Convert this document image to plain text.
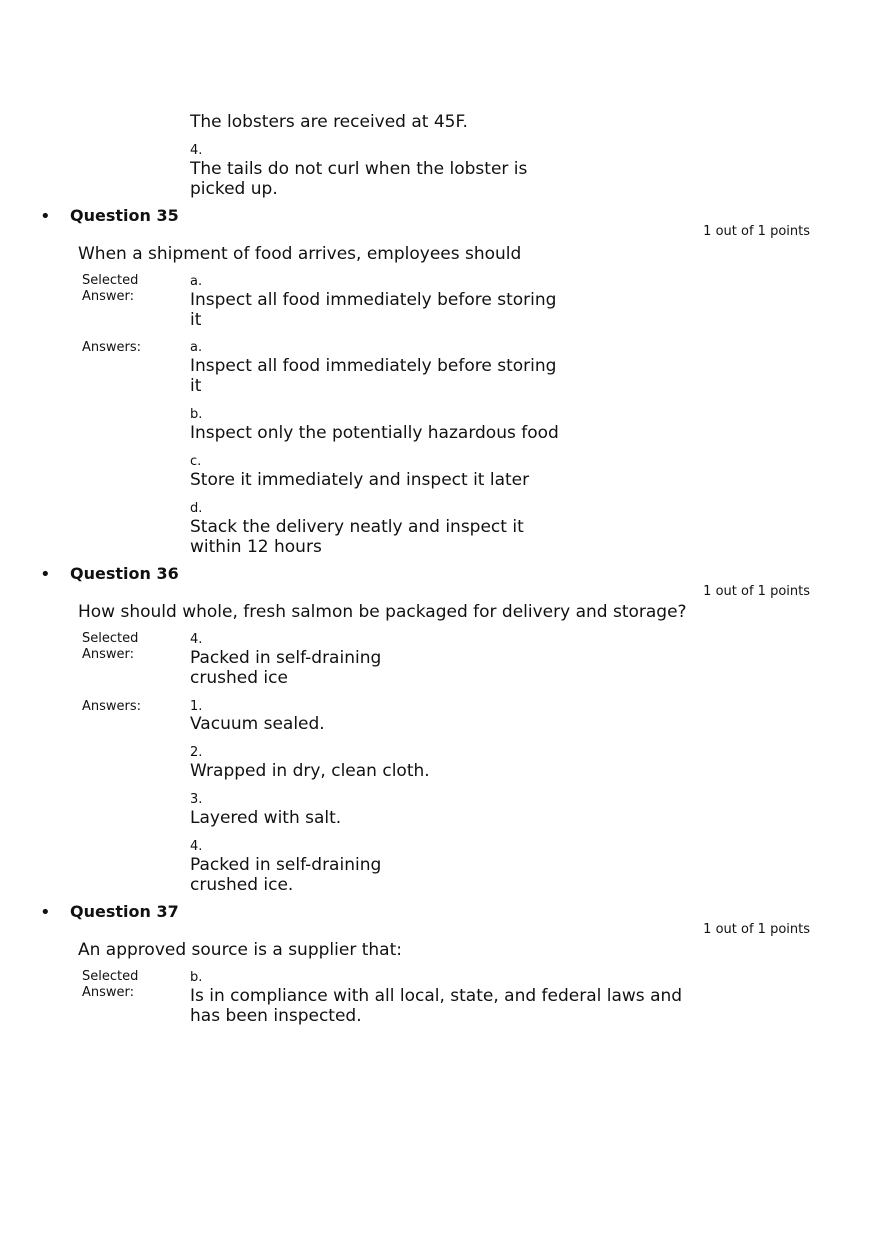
The lobsters are received at 45F.
4.
The tails do not curl when the lobster is picked up.
• Question 35
1 out of 1 points
When a shipment of food arrives, employees should
Selected Answer:
a.
Inspect all food immediately before storing it
Answers:	a.
Inspect all food immediately before storing it
b.
Inspect only the potentially hazardous food
c.
Store it immediately and inspect it later
d.
Stack the delivery neatly and inspect it within 12 hours
• Question 36
1 out of 1 points
How should whole, fresh salmon be packaged for delivery and storage?
Selected Answer:
4.
Packed in self-draining crushed ice
Answers:	1.
Vacuum sealed.
2.
Wrapped in dry, clean cloth.
3.
Layered with salt.
4.
Packed in self-draining crushed ice.
• Question 37
1 out of 1 points
An approved source is a supplier that:
Selected Answer:
b.
Is in compliance with all local, state, and federal laws and has been inspected.
